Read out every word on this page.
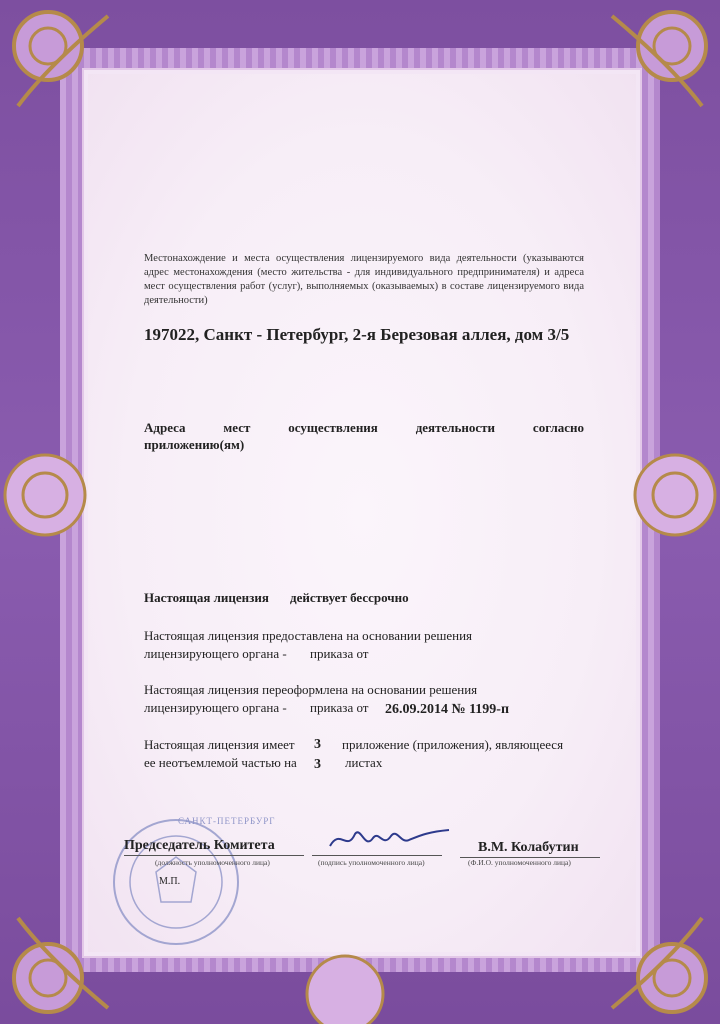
Местонахождение и места осуществления лицензируемого вида деятельности (указываются адрес местонахождения (место жительства - для индивидуального предпринимателя) и адреса мест осуществления работ (услуг), выполняемых (оказываемых) в составе лицензируемого вида деятельности)
197022, Санкт - Петербург, 2-я Березовая аллея, дом 3/5
Адреса мест осуществления деятельности согласно
приложению(ям)
Настоящая лицензия действует бессрочно
Настоящая лицензия предоставлена на основании решения
лицензирующего органа - приказа от
Настоящая лицензия переоформлена на основании решения
лицензирующего органа - приказа от 26.09.2014 № 1199-п
Настоящая лицензия имеет 3 приложение (приложения), являющееся
ее неотъемлемой частью на 3 листах
САНКТ-ПЕТЕРБУРГ
Председатель Комитета
(должность уполномоченного лица)	(подпись уполномоченного лица)
В.М. Колабутин
(Ф.И.О. уполномоченного лица)
М.П.
